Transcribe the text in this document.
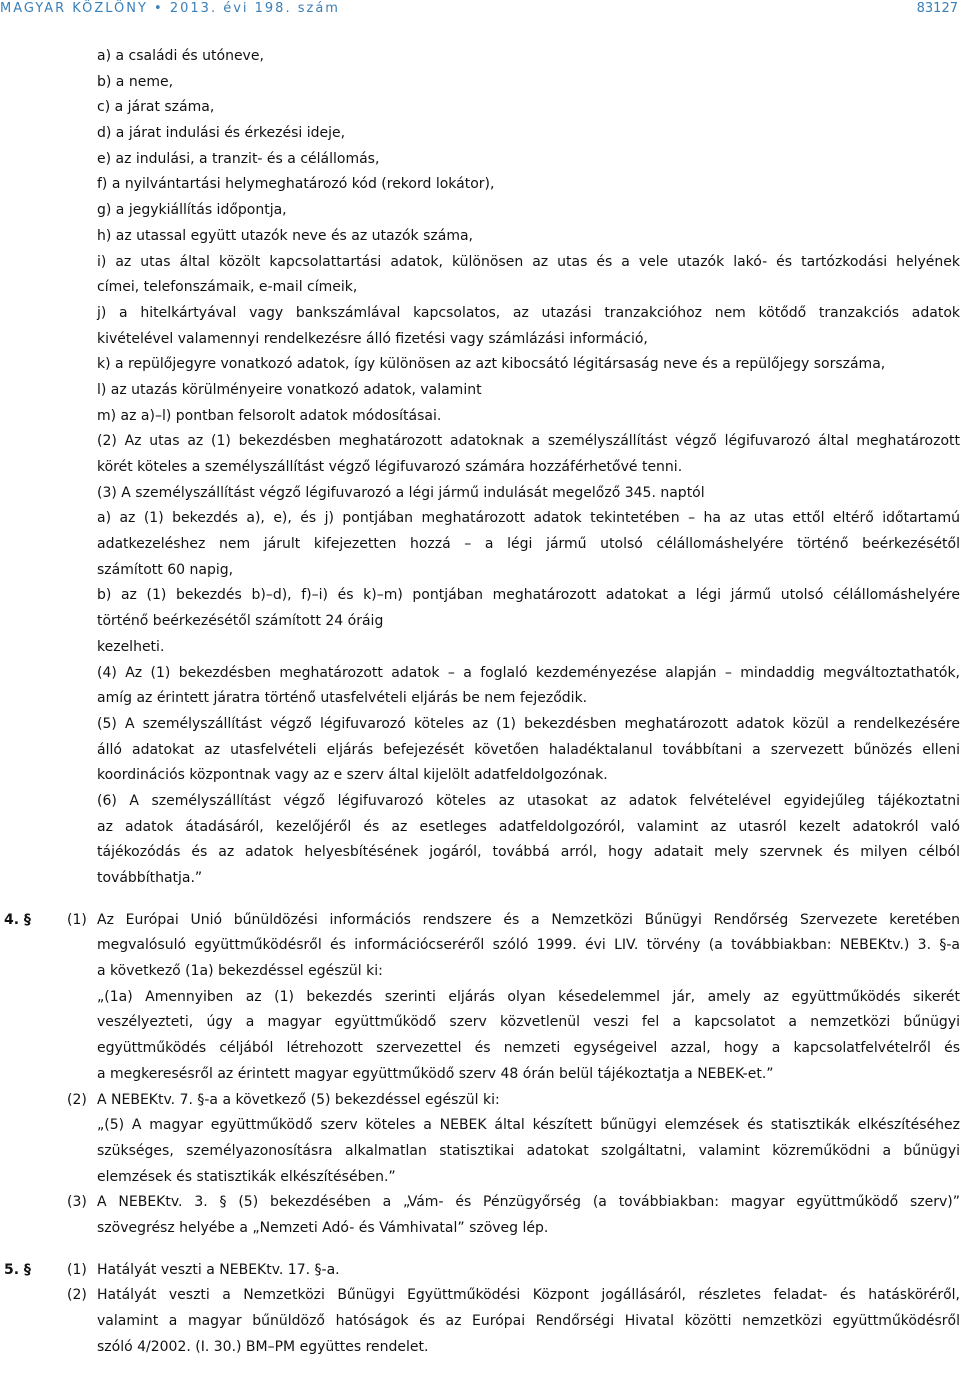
MAGYAR KÖZLÖNY • 2013. évi 198. szám	83127
a) a családi és utóneve,
b) a neme,
c) a járat száma,
d) a járat indulási és érkezési ideje,
e) az indulási, a tranzit- és a célállomás,
f) a nyilvántartási helymeghatározó kód (rekord lokátor),
g) a jegykiállítás időpontja,
h) az utassal együtt utazók neve és az utazók száma,
i) az utas által közölt kapcsolattartási adatok, különösen az utas és a vele utazók lakó- és tartózkodási helyének
címei, telefonszámaik, e-mail címeik,
j) a hitelkártyával vagy bankszámlával kapcsolatos, az utazási tranzakcióhoz nem kötődő tranzakciós adatok
kivételével valamennyi rendelkezésre álló fizetési vagy számlázási információ,
k) a repülőjegyre vonatkozó adatok, így különösen az azt kibocsátó légitársaság neve és a repülőjegy sorszáma,
l) az utazás körülményeire vonatkozó adatok, valamint
m) az a)–l) pontban felsorolt adatok módosításai.
(2) Az utas az (1) bekezdésben meghatározott adatoknak a személyszállítást végző légifuvarozó által meghatározott
körét köteles a személyszállítást végző légifuvarozó számára hozzáférhetővé tenni.
(3) A személyszállítást végző légifuvarozó a légi jármű indulását megelőző 345. naptól
a) az (1) bekezdés a), e), és j) pontjában meghatározott adatok tekintetében – ha az utas ettől eltérő időtartamú
adatkezeléshez nem járult kifejezetten hozzá – a légi jármű utolsó célállomáshelyére történő beérkezésétől
számított 60 napig,
b) az (1) bekezdés b)–d), f)–i) és k)–m) pontjában meghatározott adatokat a légi jármű utolsó célállomáshelyére
történő beérkezésétől számított 24 óráig
kezelheti.
(4) Az (1) bekezdésben meghatározott adatok – a foglaló kezdeményezése alapján – mindaddig megváltoztathatók,
amíg az érintett járatra történő utasfelvételi eljárás be nem fejeződik.
(5) A személyszállítást végző légifuvarozó köteles az (1) bekezdésben meghatározott adatok közül a rendelkezésére
álló adatokat az utasfelvételi eljárás befejezését követően haladéktalanul továbbítani a szervezett bűnözés elleni
koordinációs központnak vagy az e szerv által kijelölt adatfeldolgozónak.
(6) A személyszállítást végző légifuvarozó köteles az utasokat az adatok felvételével egyidejűleg tájékoztatni
az adatok átadásáról, kezelőjéről és az esetleges adatfeldolgozóról, valamint az utasról kezelt adatokról való
tájékozódás és az adatok helyesbítésének jogáról, továbbá arról, hogy adatait mely szervnek és milyen célból
továbbíthatja.”
4. §	(1) Az Európai Unió bűnüldözési információs rendszere és a Nemzetközi Bűnügyi Rendőrség Szervezete keretében
megvalósuló együttműködésről és információcseréről szóló 1999. évi LIV. törvény (a továbbiakban: NEBEKtv.) 3. §-a
a következő (1a) bekezdéssel egészül ki:
„(1a) Amennyiben az (1) bekezdés szerinti eljárás olyan késedelemmel jár, amely az együttműködés sikerét
veszélyezteti, úgy a magyar együttműködő szerv közvetlenül veszi fel a kapcsolatot a nemzetközi bűnügyi
együttműködés céljából létrehozott szervezettel és nemzeti egységeivel azzal, hogy a kapcsolatfelvételről és
a megkeresésről az érintett magyar együttműködő szerv 48 órán belül tájékoztatja a NEBEK-et.”
(2) A NEBEKtv. 7. §-a a következő (5) bekezdéssel egészül ki:
„(5) A magyar együttműködő szerv köteles a NEBEK által készített bűnügyi elemzések és statisztikák elkészítéséhez
szükséges, személyazonosításra alkalmatlan statisztikai adatokat szolgáltatni, valamint közreműködni a bűnügyi
elemzések és statisztikák elkészítésében.”
(3) A NEBEKtv. 3. § (5) bekezdésében a „Vám- és Pénzügyőrség (a továbbiakban: magyar együttműködő szerv)”
szövegrész helyébe a „Nemzeti Adó- és Vámhivatal” szöveg lép.
5. §	(1) Hatályát veszti a NEBEKtv. 17. §-a.
(2) Hatályát veszti a Nemzetközi Bűnügyi Együttműködési Központ jogállásáról, részletes feladat- és hatásköréről,
valamint a magyar bűnüldöző hatóságok és az Európai Rendőrségi Hivatal közötti nemzetközi együttműködésről
szóló 4/2002. (I. 30.) BM–PM együttes rendelet.
